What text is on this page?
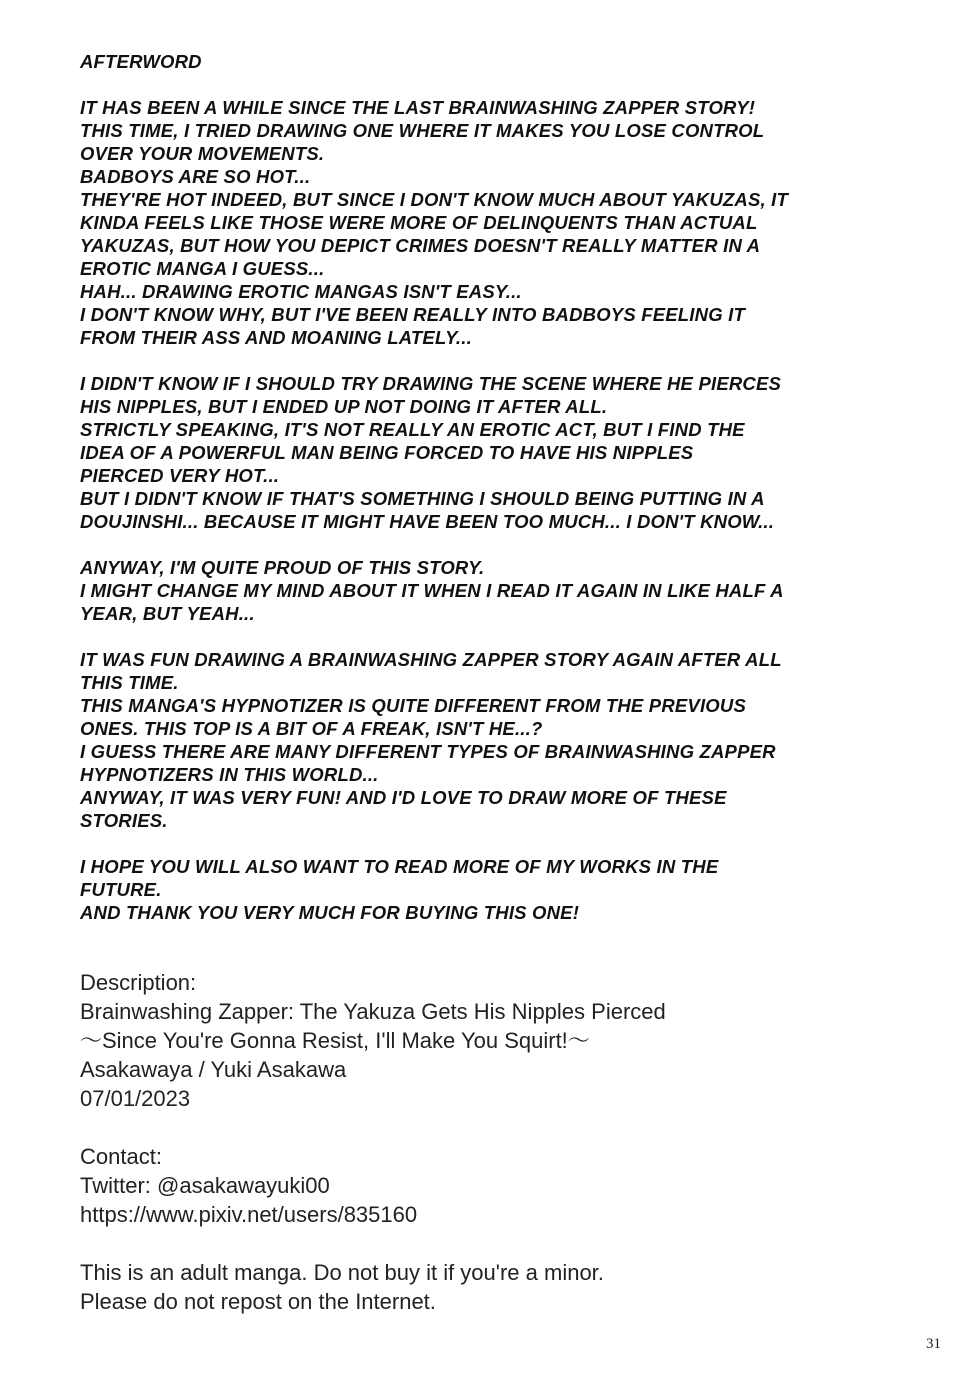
AFTERWORD
IT HAS BEEN A WHILE SINCE THE LAST BRAINWASHING ZAPPER STORY!
THIS TIME, I TRIED DRAWING ONE WHERE IT MAKES YOU LOSE CONTROL
OVER YOUR MOVEMENTS.
BADBOYS ARE SO HOT...
THEY'RE HOT INDEED, BUT SINCE I DON'T KNOW MUCH ABOUT YAKUZAS, IT
KINDA FEELS LIKE THOSE WERE MORE OF DELINQUENTS THAN ACTUAL
YAKUZAS, BUT HOW YOU DEPICT CRIMES DOESN'T REALLY MATTER IN A
EROTIC MANGA I GUESS...
HAH... DRAWING EROTIC MANGAS ISN'T EASY...
I DON'T KNOW WHY, BUT I'VE BEEN REALLY INTO BADBOYS FEELING IT
FROM THEIR ASS AND MOANING LATELY...
I DIDN'T KNOW IF I SHOULD TRY DRAWING THE SCENE WHERE HE PIERCES
HIS NIPPLES, BUT I ENDED UP NOT DOING IT AFTER ALL.
STRICTLY SPEAKING, IT'S NOT REALLY AN EROTIC ACT, BUT I FIND THE
IDEA OF A POWERFUL MAN BEING FORCED TO HAVE HIS NIPPLES
PIERCED VERY HOT...
BUT I DIDN'T KNOW IF THAT'S SOMETHING I SHOULD BEING PUTTING IN A
DOUJINSHI... BECAUSE IT MIGHT HAVE BEEN TOO MUCH... I DON'T KNOW...
ANYWAY, I'M QUITE PROUD OF THIS STORY.
I MIGHT CHANGE MY MIND ABOUT IT WHEN I READ IT AGAIN IN LIKE HALF A
YEAR, BUT YEAH...
IT WAS FUN DRAWING A BRAINWASHING ZAPPER STORY AGAIN AFTER ALL
THIS TIME.
THIS MANGA'S HYPNOTIZER IS QUITE DIFFERENT FROM THE PREVIOUS
ONES. THIS TOP IS A BIT OF A FREAK, ISN'T HE...?
I GUESS THERE ARE MANY DIFFERENT TYPES OF BRAINWASHING ZAPPER
HYPNOTIZERS IN THIS WORLD...
ANYWAY, IT WAS VERY FUN! AND I'D LOVE TO DRAW MORE OF THESE
STORIES.
I HOPE YOU WILL ALSO WANT TO READ MORE OF MY WORKS IN THE
FUTURE.
AND THANK YOU VERY MUCH FOR BUYING THIS ONE!
Description:
Brainwashing Zapper: The Yakuza Gets His Nipples Pierced
～Since You're Gonna Resist, I'll Make You Squirt!～
Asakawaya / Yuki Asakawa
07/01/2023
Contact:
Twitter: @asakawayuki00
https://www.pixiv.net/users/835160
This is an adult manga. Do not buy it if you're a minor.
Please do not repost on the Internet.
31
